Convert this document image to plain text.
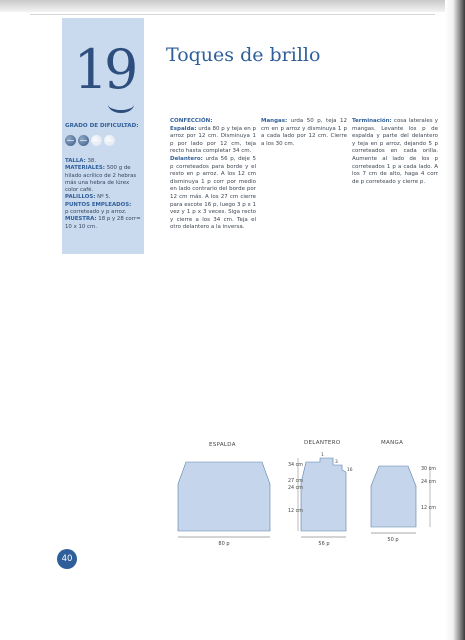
19
GRADO DE DIFICULTAD:
TALLA: 38.
MATERIALES: 500 g de hilado acrílico de 2 hebras más una hebra de lúrex color café.
PALILLOS: Nº 5.
PUNTOS EMPLEADOS:
p correteado y p arroz.
MUESTRA: 18 p y 28 corr= 10 x 10 cm.
Toques de brillo
CONFECCIÓN:
Espalda: urda 80 p y teja en p arroz por 12 cm. Disminuya 1 p por lado por 12 cm, teja recto hasta completar 34 cm.
Delantero: urda 56 p, deje 5 p correteados para borde y el resto en p arroz. A los 12 cm disminuya 1 p corr por medio en lado contrario del borde por 12 cm más. A los 27 cm cierre para escote 16 p, luego 3 p x 1 vez y 1 p x 3 veces. Siga recto y cierre a los 34 cm. Teja el otro delantero a la inversa.
Terminación: cosa laterales y mangas. Levante los p de espalda y parte del delantero y teja en p arroz, dejando 5 p correteados en cada orilla. Aumente al lado de los p correteados 1 p a cada lado. A los 7 cm de alto, haga 4 corr de p correteado y cierre p.
Mangas: urda 50 p, teja 12 cm en p arroz y disminuya 1 p a cada lado por 12 cm. Cierre a los 30 cm.
ESPALDA	DELANTERO	MANGA
80 p
34 cm
27 cm
24 cm
12 cm
1
3
16
56 p
30 cm
24 cm
12 cm
50 p
40
